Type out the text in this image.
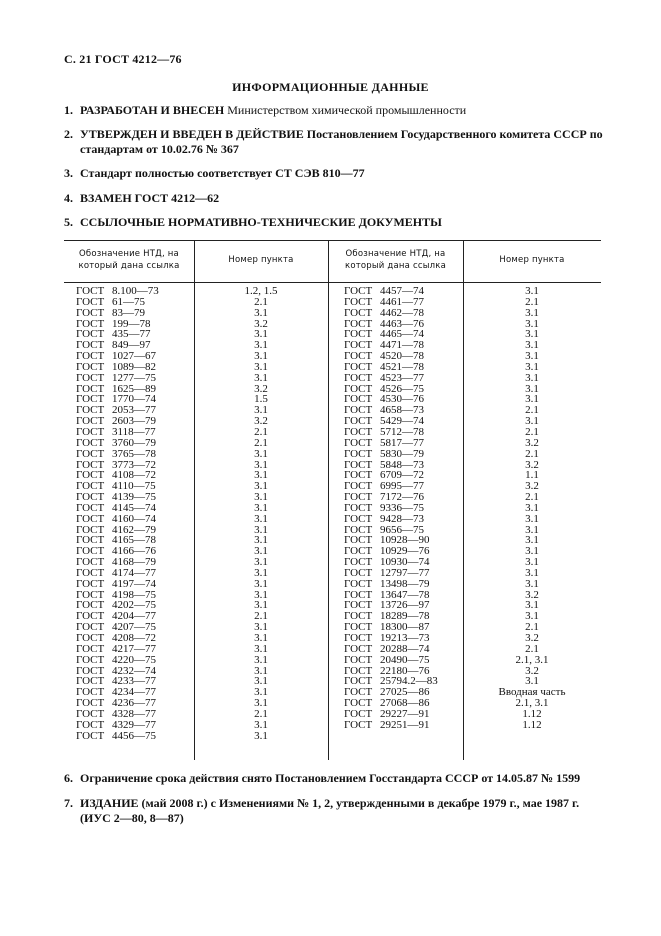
С. 21 ГОСТ 4212—76
ИНФОРМАЦИОННЫЕ ДАННЫЕ
1. РАЗРАБОТАН И ВНЕСЕН Министерством химической промышленности
2. УТВЕРЖДЕН И ВВЕДЕН В ДЕЙСТВИЕ Постановлением Государственного комитета СССР по
стандартам от 10.02.76 № 367
3. Стандарт полностью соответствует СТ СЭВ 810—77
4. ВЗАМЕН ГОСТ 4212—62
5. ССЫЛОЧНЫЕ НОРМАТИВНО-ТЕХНИЧЕСКИЕ ДОКУМЕНТЫ
Обозначение НТД, на
который дана ссылка
Номер пункта
Обозначение НТД, на
который дана ссылка
Номер пункта
ГОСТ 8.100—73
ГОСТ 61—75
ГОСТ 83—79
ГОСТ 199—78
ГОСТ 435—77
ГОСТ 849—97
ГОСТ 1027—67
ГОСТ 1089—82
ГОСТ 1277—75
ГОСТ 1625—89
ГОСТ 1770—74
ГОСТ 2053—77
ГОСТ 2603—79
ГОСТ 3118—77
ГОСТ 3760—79
ГОСТ 3765—78
ГОСТ 3773—72
ГОСТ 4108—72
ГОСТ 4110—75
ГОСТ 4139—75
ГОСТ 4145—74
ГОСТ 4160—74
ГОСТ 4162—79
ГОСТ 4165—78
ГОСТ 4166—76
ГОСТ 4168—79
ГОСТ 4174—77
ГОСТ 4197—74
ГОСТ 4198—75
ГОСТ 4202—75
ГОСТ 4204—77
ГОСТ 4207—75
ГОСТ 4208—72
ГОСТ 4217—77
ГОСТ 4220—75
ГОСТ 4232—74
ГОСТ 4233—77
ГОСТ 4234—77
ГОСТ 4236—77
ГОСТ 4328—77
ГОСТ 4329—77
ГОСТ 4456—75
1.2, 1.5
2.1
3.1
3.2
3.1
3.1
3.1
3.1
3.1
3.2
1.5
3.1
3.2
2.1
2.1
3.1
3.1
3.1
3.1
3.1
3.1
3.1
3.1
3.1
3.1
3.1
3.1
3.1
3.1
3.1
2.1
3.1
3.1
3.1
3.1
3.1
3.1
3.1
3.1
2.1
3.1
3.1
ГОСТ 4457—74
ГОСТ 4461—77
ГОСТ 4462—78
ГОСТ 4463—76
ГОСТ 4465—74
ГОСТ 4471—78
ГОСТ 4520—78
ГОСТ 4521—78
ГОСТ 4523—77
ГОСТ 4526—75
ГОСТ 4530—76
ГОСТ 4658—73
ГОСТ 5429—74
ГОСТ 5712—78
ГОСТ 5817—77
ГОСТ 5830—79
ГОСТ 5848—73
ГОСТ 6709—72
ГОСТ 6995—77
ГОСТ 7172—76
ГОСТ 9336—75
ГОСТ 9428—73
ГОСТ 9656—75
ГОСТ 10928—90
ГОСТ 10929—76
ГОСТ 10930—74
ГОСТ 12797—77
ГОСТ 13498—79
ГОСТ 13647—78
ГОСТ 13726—97
ГОСТ 18289—78
ГОСТ 18300—87
ГОСТ 19213—73
ГОСТ 20288—74
ГОСТ 20490—75
ГОСТ 22180—76
ГОСТ 25794.2—83
ГОСТ 27025—86
ГОСТ 27068—86
ГОСТ 29227—91
ГОСТ 29251—91
3.1
2.1
3.1
3.1
3.1
3.1
3.1
3.1
3.1
3.1
3.1
2.1
3.1
2.1
3.2
2.1
3.2
1.1
3.2
2.1
3.1
3.1
3.1
3.1
3.1
3.1
3.1
3.1
3.2
3.1
3.1
2.1
3.2
2.1
2.1, 3.1
3.2
3.1
Вводная часть
2.1, 3.1
1.12
1.12
6. Ограничение срока действия снято Постановлением Госстандарта СССР от 14.05.87 № 1599
7. ИЗДАНИЕ (май 2008 г.) с Изменениями № 1, 2, утвержденными в декабре 1979 г., мае 1987 г.
(ИУС 2—80, 8—87)
